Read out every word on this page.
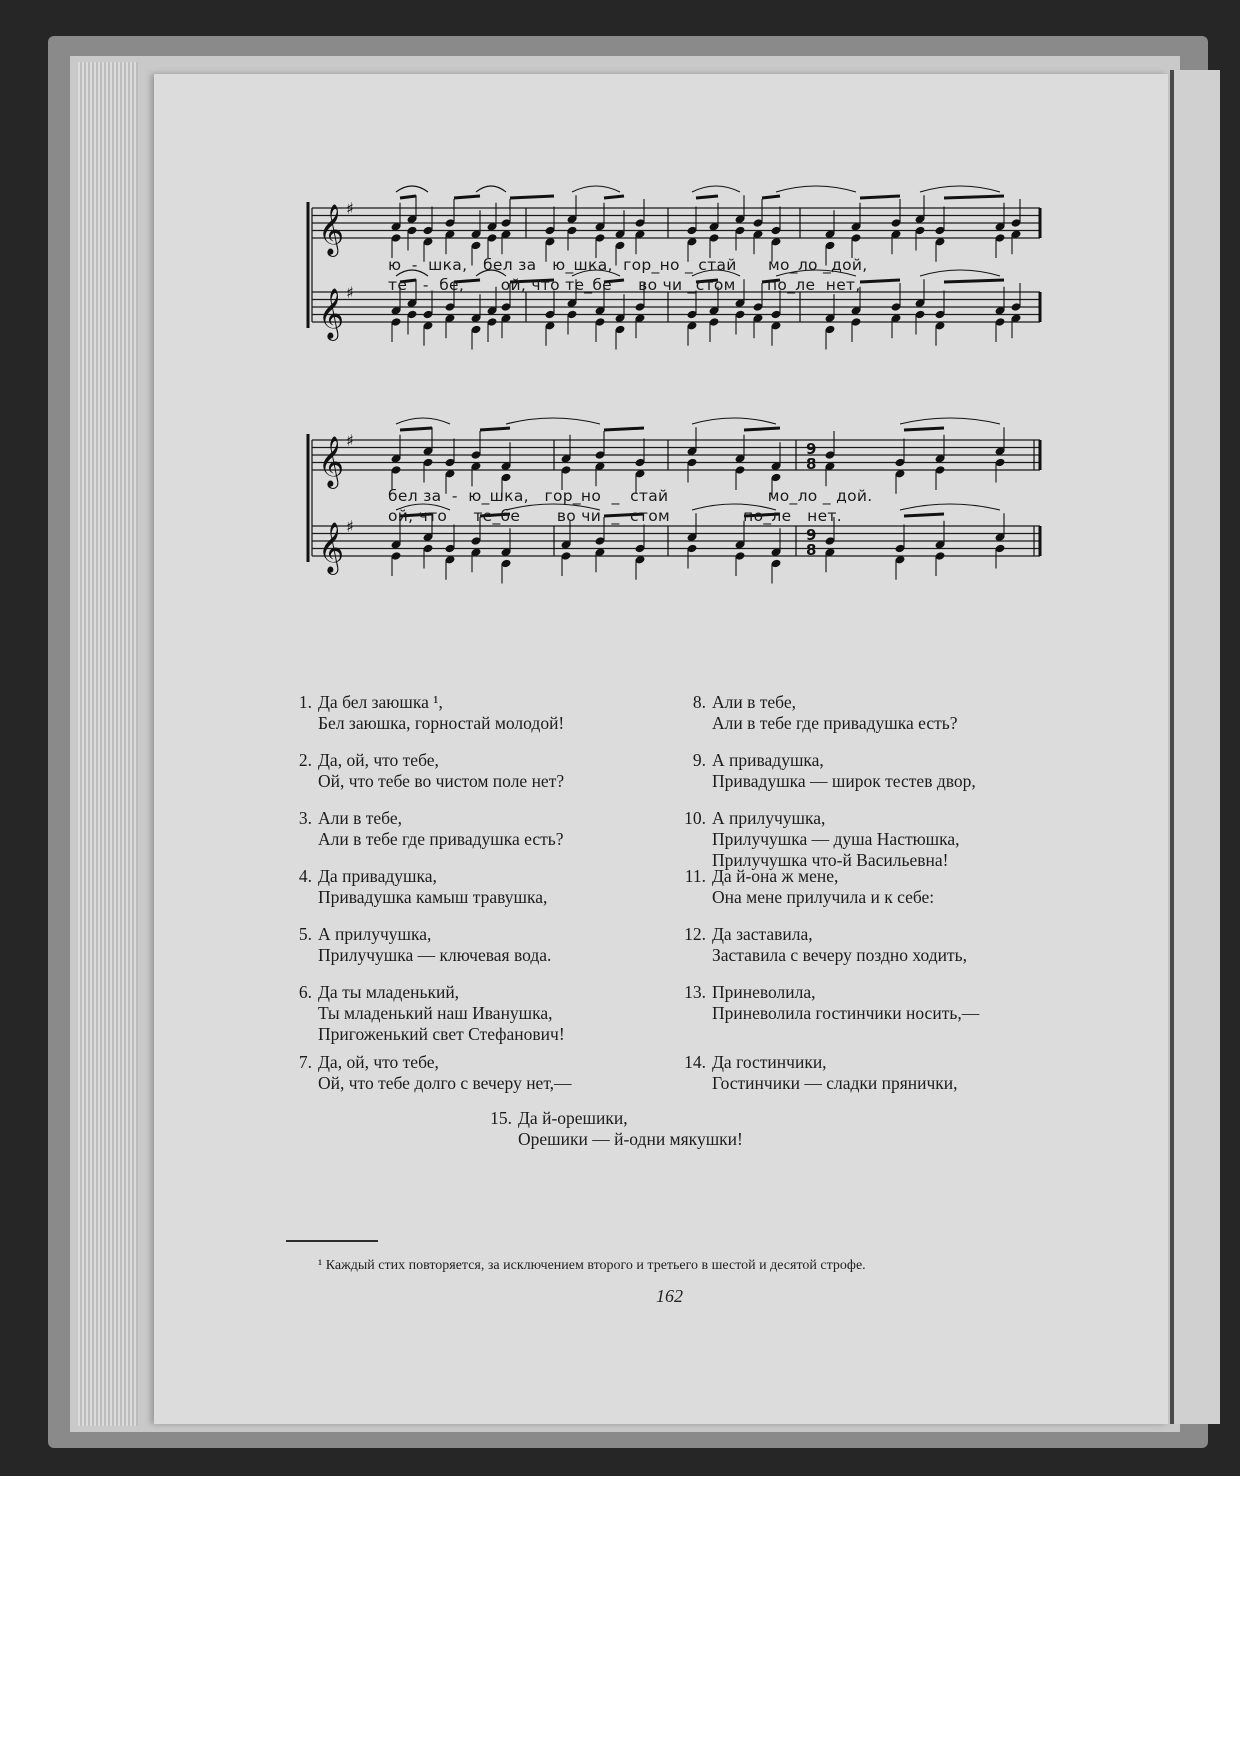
𝄞 ♯
𝄞 ♯
𝄞 ♯
𝄞 ♯
9
8
9
8
ю  -  шка,   бел за   ю_шка,  гор_но _ стай      мо_ло _дой,
те   -  бе,       ой, что те_бе     во чи _стом      по_ле  нет,
бел за  -  ю_шка,   гор_но  _  стай                   мо_ло _ дой.
ой, что     те_бе       во чи  _  стом              по_ле   нет.
1. Да бел заюшка ¹,
Бел заюшка, горностай молодой!
2. Да, ой, что тебе,
Ой, что тебе во чистом поле нет?
3. Али в тебе,
Али в тебе где привадушка есть?
4. Да привадушка,
Привадушка камыш травушка,
5. А прилучушка,
Прилучушка — ключевая вода.
6. Да ты младенький,
Ты младенький наш Иванушка,
Пригоженький свет Стефанович!
7. Да, ой, что тебе,
Ой, что тебе долго с вечеру нет,—
8. Али в тебе,
Али в тебе где привадушка есть?
9. А привадушка,
Привадушка — широк тестев двор,
10. А прилучушка,
Прилучушка — душа Настюшка,
Прилучушка что-й Васильевна!
11. Да й-она ж мене,
Она мене прилучила и к себе:
12. Да заставила,
Заставила с вечеру поздно ходить,
13. Приневолила,
Приневолила гостинчики носить,—
14. Да гостинчики,
Гостинчики — сладки прянички,
15. Да й-орешики,
Орешики — й-одни мякушки!
¹ Каждый стих повторяется, за исключением второго и третьего в шестой и десятой строфе.
162
